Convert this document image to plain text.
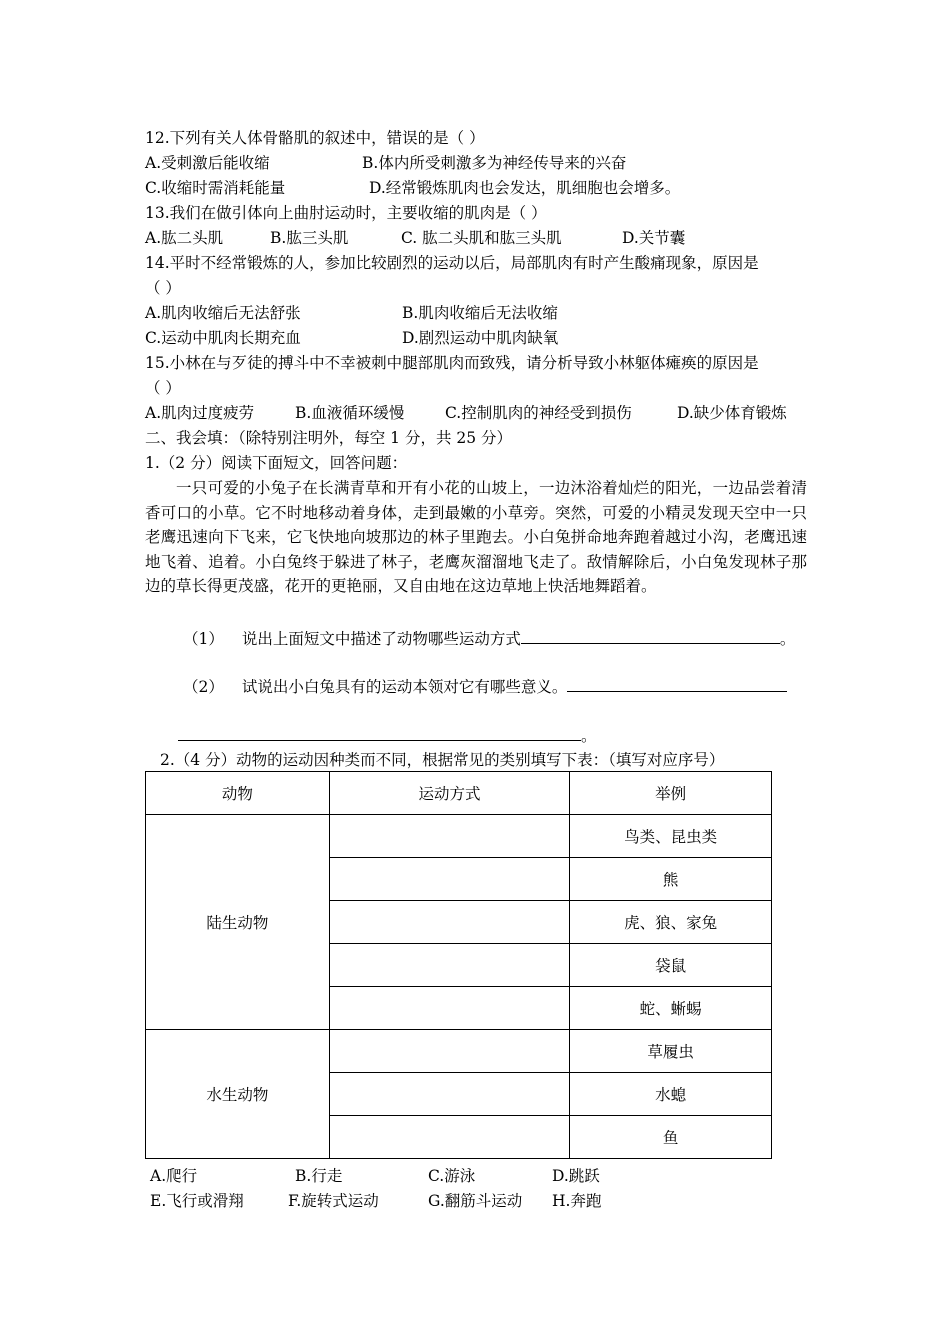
12.下列有关人体骨骼肌的叙述中，错误的是（ ）
A.受刺激后能收缩	B.体内所受刺激多为神经传导来的兴奋
C.收缩时需消耗能量	D.经常锻炼肌肉也会发达，肌细胞也会增多。
13.我们在做引体向上曲肘运动时，主要收缩的肌肉是（ ）
A.肱二头肌	B.肱三头肌	C. 肱二头肌和肱三头肌	D.关节囊
14.平时不经常锻炼的人，参加比较剧烈的运动以后，局部肌肉有时产生酸痛现象，原因是
（ ）
A.肌肉收缩后无法舒张	B.肌肉收缩后无法收缩
C.运动中肌肉长期充血	D.剧烈运动中肌肉缺氧
15.小林在与歹徒的搏斗中不幸被刺中腿部肌肉而致残，请分析导致小林躯体瘫痪的原因是
（ ）
A.肌肉过度疲劳	B.血液循环缓慢	C.控制肌肉的神经受到损伤	D.缺少体育锻炼
二、我会填：（除特别注明外，每空 1 分，共 25 分）
1.（2 分）阅读下面短文，回答问题：
一只可爱的小兔子在长满青草和开有小花的山坡上，一边沐浴着灿烂的阳光，一边品尝着清香可口的小草。它不时地移动着身体，走到最嫩的小草旁。突然，可爱的小精灵发现天空中一只老鹰迅速向下飞来，它飞快地向坡那边的林子里跑去。小白兔拼命地奔跑着越过小沟，老鹰迅速地飞着、追着。小白兔终于躲进了林子，老鹰灰溜溜地飞走了。敌情解除后，小白兔发现林子那边的草长得更茂盛，花开的更艳丽，又自由地在这边草地上快活地舞蹈着。
（1） 说出上面短文中描述了动物哪些运动方式	。
（2） 试说出小白兔具有的运动本领对它有哪些意义。
。
2.（4 分）动物的运动因种类而不同，根据常见的类别填写下表：（填写对应序号）
动物	运动方式	举例
陆生动物		鸟类、昆虫类
		熊
		虎、狼、家兔
		袋鼠
		蛇、蜥蜴
水生动物		草履虫
		水螅
		鱼
A.爬行	B.行走	C.游泳	D.跳跃
E.飞行或滑翔	F.旋转式运动	G.翻筋斗运动 H.奔跑
